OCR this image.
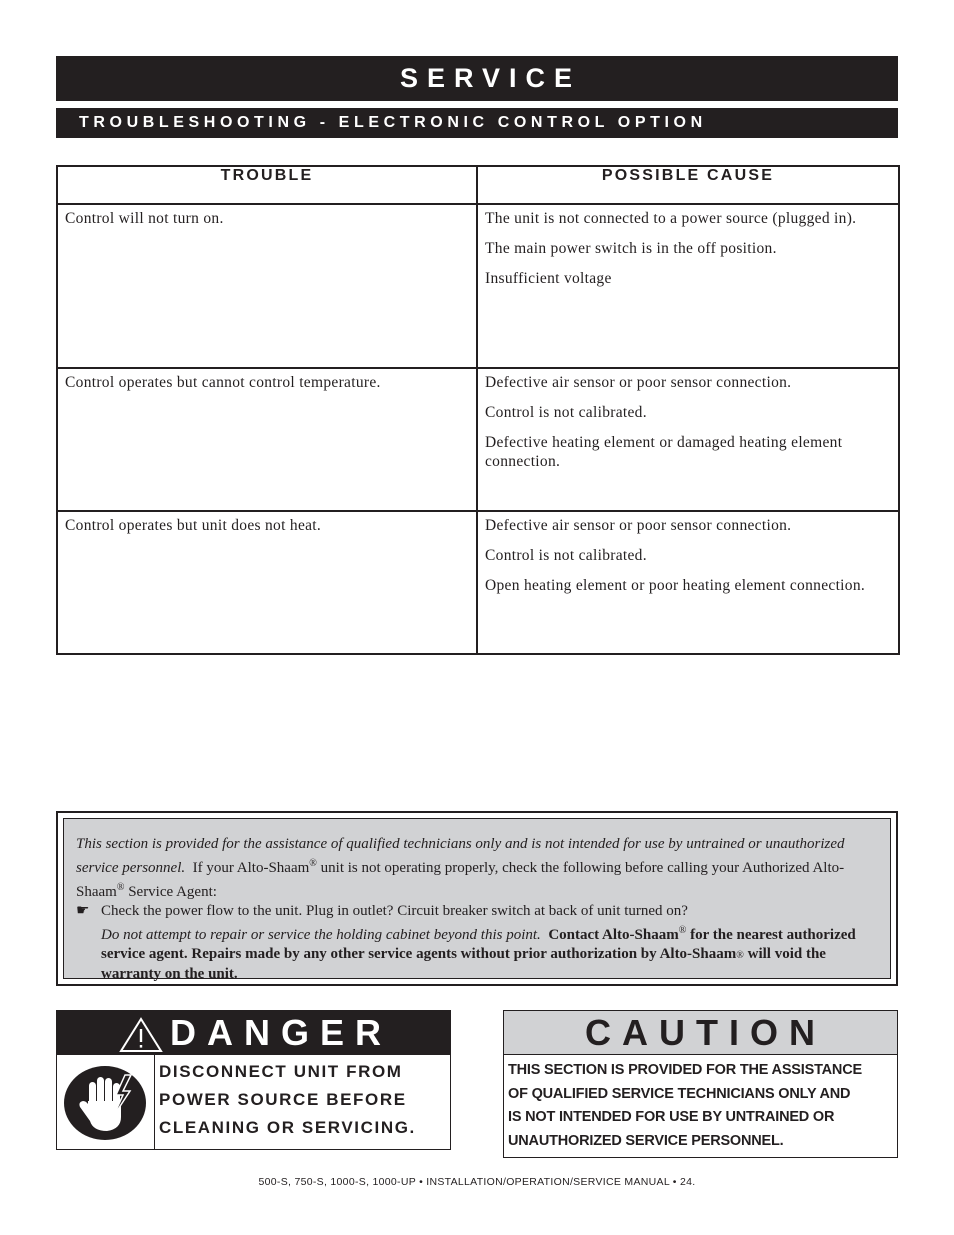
SERVICE
TROUBLESHOOTING - ELECTRONIC CONTROL OPTION
TROUBLE	POSSIBLE CAUSE
Control will not turn on.	The unit is not connected to a power source (plugged in).

The main power switch is in the off position.

Insufficient voltage

Control operates but cannot control temperature.	Defective air sensor or poor sensor connection.

Control is not calibrated.

Defective heating element or damaged heating element connection.

Control operates but unit does not heat.	Defective air sensor or poor sensor connection.

Control is not calibrated.

Open heating element or poor heating element connection.

This section is provided for the assistance of qualified technicians only and is not intended for use by untrained or unauthorized service personnel. If your Alto-Shaam® unit is not operating properly, check the following before calling your Authorized Alto-Shaam® Service Agent:
☛ Check the power flow to the unit. Plug in outlet? Circuit breaker switch at back of unit turned on?
Do not attempt to repair or service the holding cabinet beyond this point. Contact Alto-Shaam® for the nearest authorized service agent. Repairs made by any other service agents without prior authorization by Alto-Shaam® will void the warranty on the unit.
DANGER
DISCONNECT UNIT FROM
POWER SOURCE BEFORE
CLEANING OR SERVICING.
CAUTION
THIS SECTION IS PROVIDED FOR THE ASSISTANCE
OF QUALIFIED SERVICE TECHNICIANS ONLY AND
IS NOT INTENDED FOR USE BY UNTRAINED OR
UNAUTHORIZED SERVICE PERSONNEL.
500-S, 750-S, 1000-S, 1000-UP • INSTALLATION/OPERATION/SERVICE MANUAL • 24.
